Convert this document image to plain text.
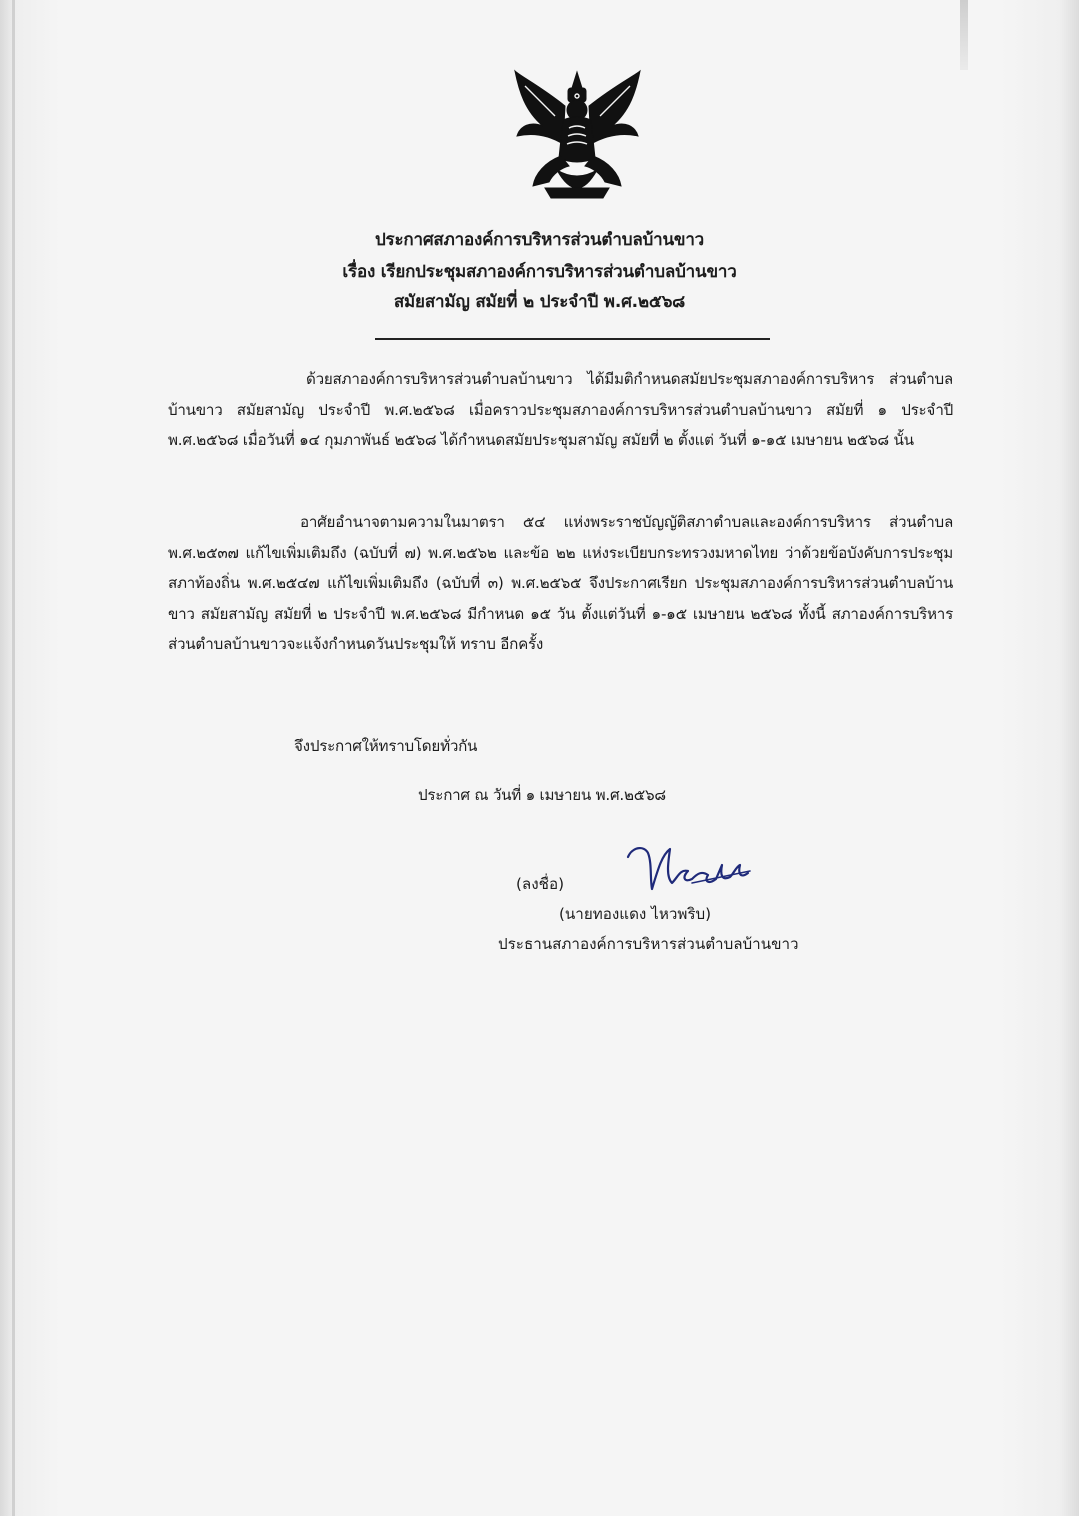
ประกาศสภาองค์การบริหารส่วนตำบลบ้านขาว
เรื่อง เรียกประชุมสภาองค์การบริหารส่วนตำบลบ้านขาว
สมัยสามัญ สมัยที่ ๒ ประจำปี พ.ศ.๒๕๖๘

ด้วยสภาองค์การบริหารส่วนตำบลบ้านขาว ได้มีมติกำหนดสมัยประชุมสภาองค์การบริหาร ส่วนตำบลบ้านขาว สมัยสามัญ ประจำปี พ.ศ.๒๕๖๘ เมื่อคราวประชุมสภาองค์การบริหารส่วนตำบลบ้านขาว สมัยที่ ๑ ประจำปี พ.ศ.๒๕๖๘ เมื่อวันที่ ๑๔ กุมภาพันธ์ ๒๕๖๘ ได้กำหนดสมัยประชุมสามัญ สมัยที่ ๒ ตั้งแต่ วันที่ ๑-๑๕ เมษายน ๒๕๖๘ นั้น

อาศัยอำนาจตามความในมาตรา ๕๔ แห่งพระราชบัญญัติสภาตำบลและองค์การบริหาร ส่วนตำบล พ.ศ.๒๕๓๗ แก้ไขเพิ่มเติมถึง (ฉบับที่ ๗) พ.ศ.๒๕๖๒ และข้อ ๒๒ แห่งระเบียบกระทรวงมหาดไทย ว่าด้วยข้อบังคับการประชุมสภาท้องถิ่น พ.ศ.๒๕๔๗ แก้ไขเพิ่มเติมถึง (ฉบับที่ ๓) พ.ศ.๒๕๖๕ จึงประกาศเรียก ประชุมสภาองค์การบริหารส่วนตำบลบ้านขาว สมัยสามัญ สมัยที่ ๒ ประจำปี พ.ศ.๒๕๖๘ มีกำหนด ๑๕ วัน ตั้งแต่วันที่ ๑-๑๕ เมษายน ๒๕๖๘ ทั้งนี้ สภาองค์การบริหารส่วนตำบลบ้านขาวจะแจ้งกำหนดวันประชุมให้ ทราบ อีกครั้ง

จึงประกาศให้ทราบโดยทั่วกัน
ประกาศ ณ วันที่ ๑ เมษายน พ.ศ.๒๕๖๘
(ลงชื่อ)
(นายทองแดง ไหวพริบ)
ประธานสภาองค์การบริหารส่วนตำบลบ้านขาว
